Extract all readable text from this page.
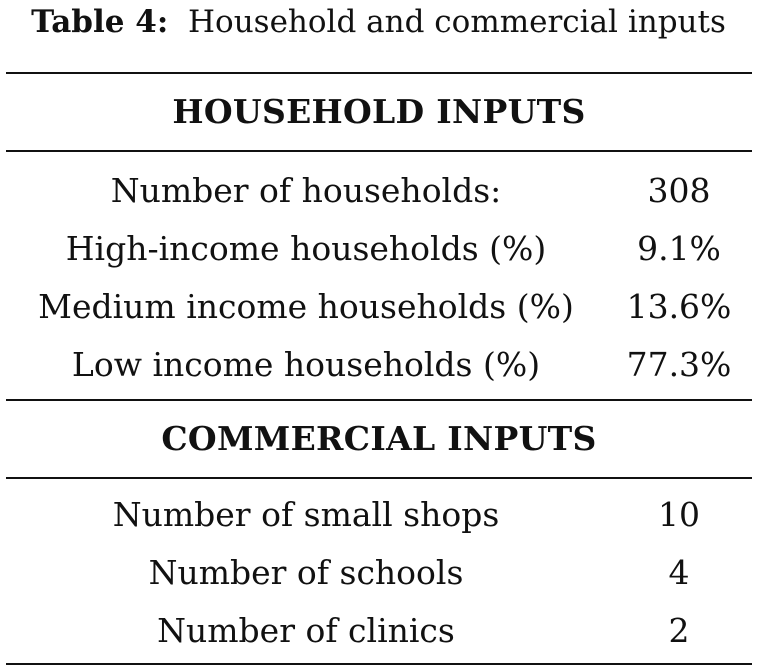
Table 4: Household and commercial inputs
HOUSEHOLD INPUTS
Number of households:	308
High-income households (%)	9.1%
Medium income households (%)	13.6%
Low income households (%)	77.3%
COMMERCIAL INPUTS
Number of small shops	10
Number of schools	4
Number of clinics	2
